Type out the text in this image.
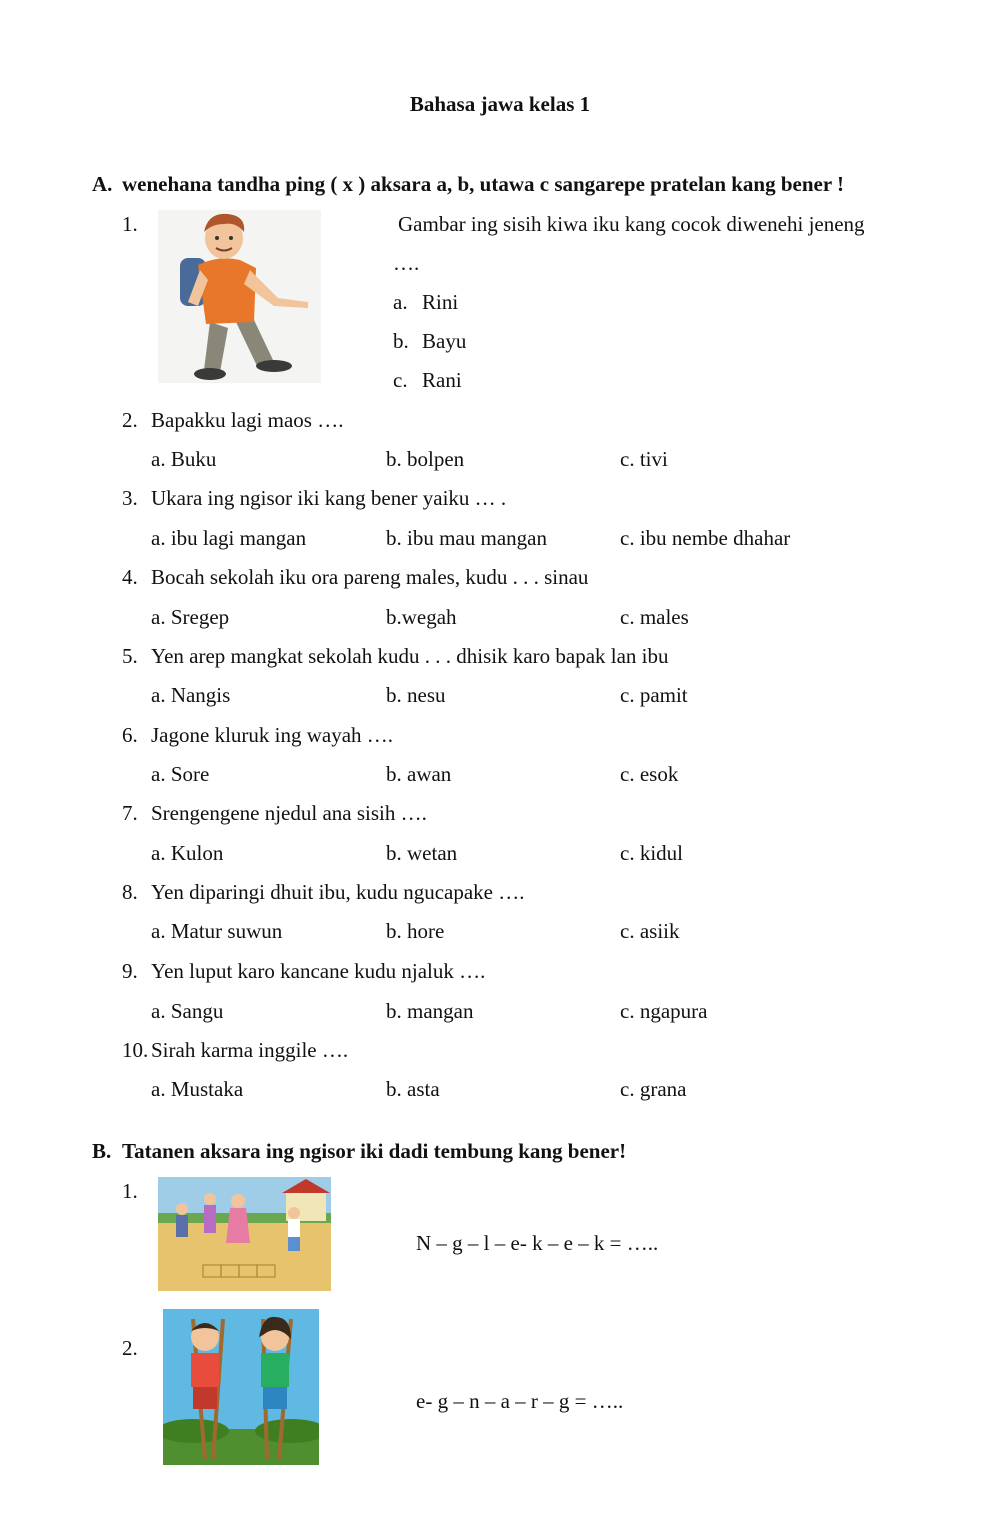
Bahasa jawa kelas 1
A. wenehana tandha ping ( x ) aksara a, b, utawa c sangarepe pratelan kang bener !
1.	Gambar ing sisih kiwa iku kang cocok diwenehi jeneng
….
a. Rini
b. Bayu
c. Rani
2. Bapakku lagi maos ….
a. Buku	b. bolpen	c. tivi
3. Ukara ing ngisor iki kang bener yaiku … .
a. ibu lagi mangan	b. ibu mau mangan	c. ibu nembe dhahar
4. Bocah sekolah iku ora pareng males, kudu . . . sinau
a. Sregep	b.wegah	c. males
5. Yen arep mangkat sekolah kudu . . . dhisik karo bapak lan ibu
a. Nangis	b. nesu	c. pamit
6. Jagone kluruk ing wayah ….
a. Sore	b. awan	c. esok
7. Srengengene njedul ana sisih ….
a. Kulon	b. wetan	c. kidul
8. Yen diparingi dhuit ibu, kudu ngucapake ….
a. Matur suwun	b. hore	c. asiik
9. Yen luput karo kancane kudu njaluk ….
a. Sangu	b. mangan	c. ngapura
10. Sirah karma inggile ….
a. Mustaka	b. asta	c. grana
B. Tatanen aksara ing ngisor iki dadi tembung kang bener!
1.
N – g – l – e- k – e – k = …..
2.
e- g – n – a – r – g = …..
